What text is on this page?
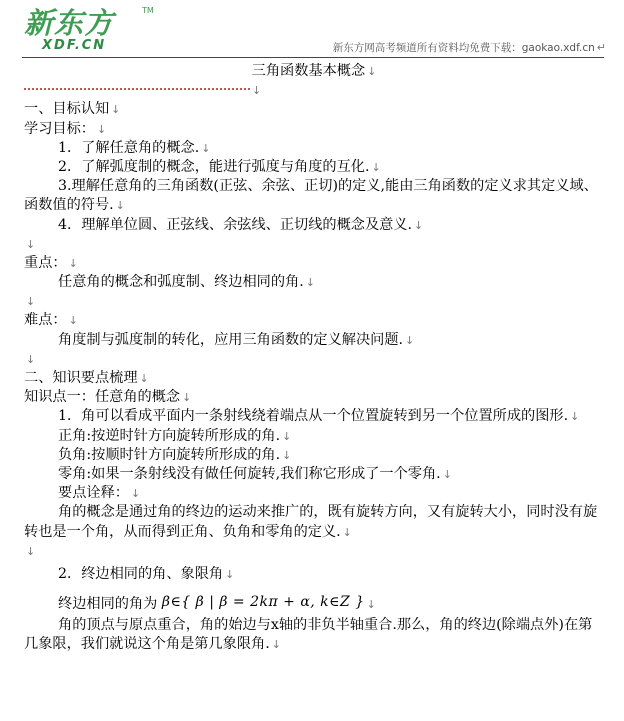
新东方	TM
XDF.CN	新东方网高考频道所有资料均免费下载：gaokao.xdf.cn ↵
三角函数基本概念 ↓
↓
一、目标认知 ↓
学习目标： ↓
1．了解任意角的概念. ↓
2．了解弧度制的概念，能进行弧度与角度的互化. ↓
3.理解任意角的三角函数(正弦、余弦、正切)的定义,能由三角函数的定义求其定义域、函数值的符号. ↓
4．理解单位圆、正弦线、余弦线、正切线的概念及意义. ↓
↓
重点： ↓
任意角的概念和弧度制、终边相同的角. ↓
↓
难点： ↓
角度制与弧度制的转化，应用三角函数的定义解决问题. ↓
↓
二、知识要点梳理 ↓
知识点一：任意角的概念 ↓
1．角可以看成平面内一条射线绕着端点从一个位置旋转到另一个位置所成的图形. ↓
正角:按逆时针方向旋转所形成的角. ↓
负角:按顺时针方向旋转所形成的角. ↓
零角:如果一条射线没有做任何旋转,我们称它形成了一个零角. ↓
要点诠释： ↓
角的概念是通过角的终边的运动来推广的，既有旋转方向，又有旋转大小，同时没有旋转也是一个角，从而得到正角、负角和零角的定义. ↓
↓
2．终边相同的角、象限角 ↓
终边相同的角为 β∈{ β | β = 2kπ + α, k∈Z } ↓
角的顶点与原点重合，角的始边与x轴的非负半轴重合.那么，角的终边(除端点外)在第几象限，我们就说这个角是第几象限角. ↓
